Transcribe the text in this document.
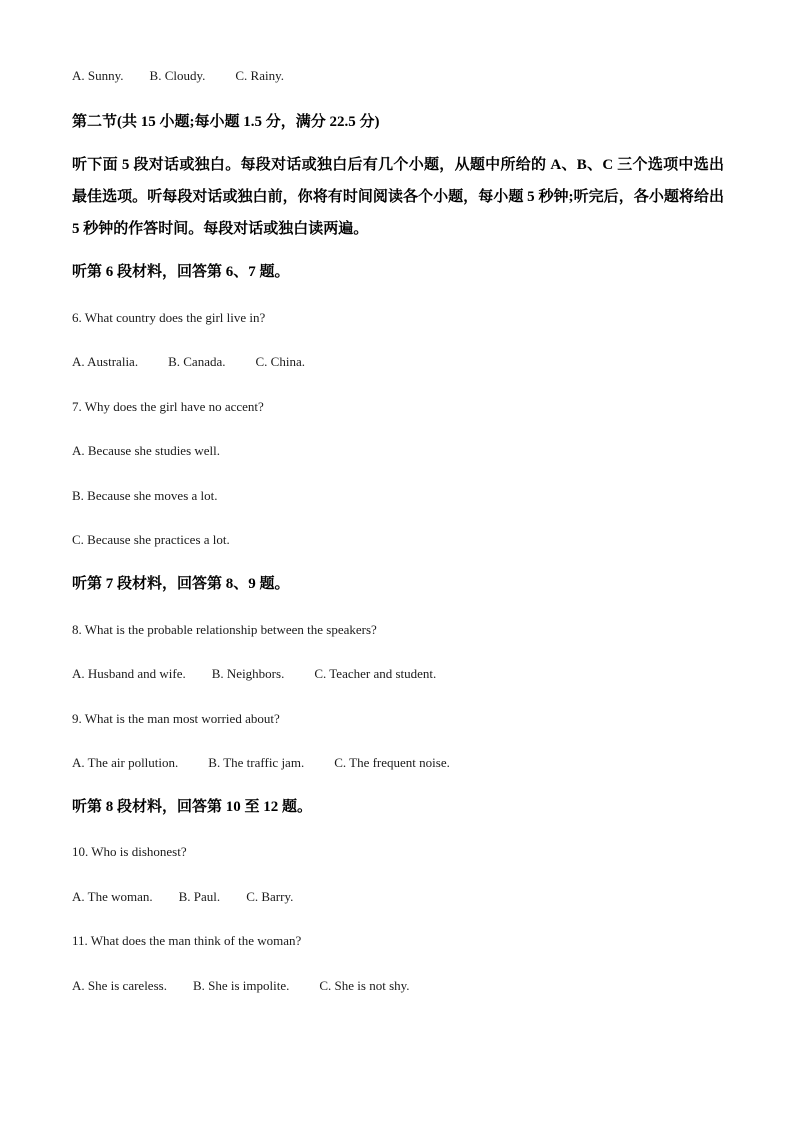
A. Sunny. B. Cloudy. C. Rainy.
第二节(共 15 小题;每小题 1.5 分，满分 22.5 分)
听下面 5 段对话或独白。每段对话或独白后有几个小题，从题中所给的 A、B、C 三个选项中选出最佳选项。听每段对话或独白前，你将有时间阅读各个小题，每小题 5 秒钟;听完后，各小题将给出 5 秒钟的作答时间。每段对话或独白读两遍。
听第 6 段材料，回答第 6、7 题。
6. What country does the girl live in?
A. Australia. B. Canada. C. China.
7. Why does the girl have no accent?
A. Because she studies well.
B. Because she moves a lot.
C. Because she practices a lot.
听第 7 段材料，回答第 8、9 题。
8. What is the probable relationship between the speakers?
A. Husband and wife. B. Neighbors. C. Teacher and student.
9. What is the man most worried about?
A. The air pollution. B. The traffic jam. C. The frequent noise.
听第 8 段材料，回答第 10 至 12 题。
10. Who is dishonest?
A. The woman. B. Paul. C. Barry.
11. What does the man think of the woman?
A. She is careless. B. She is impolite. C. She is not shy.
